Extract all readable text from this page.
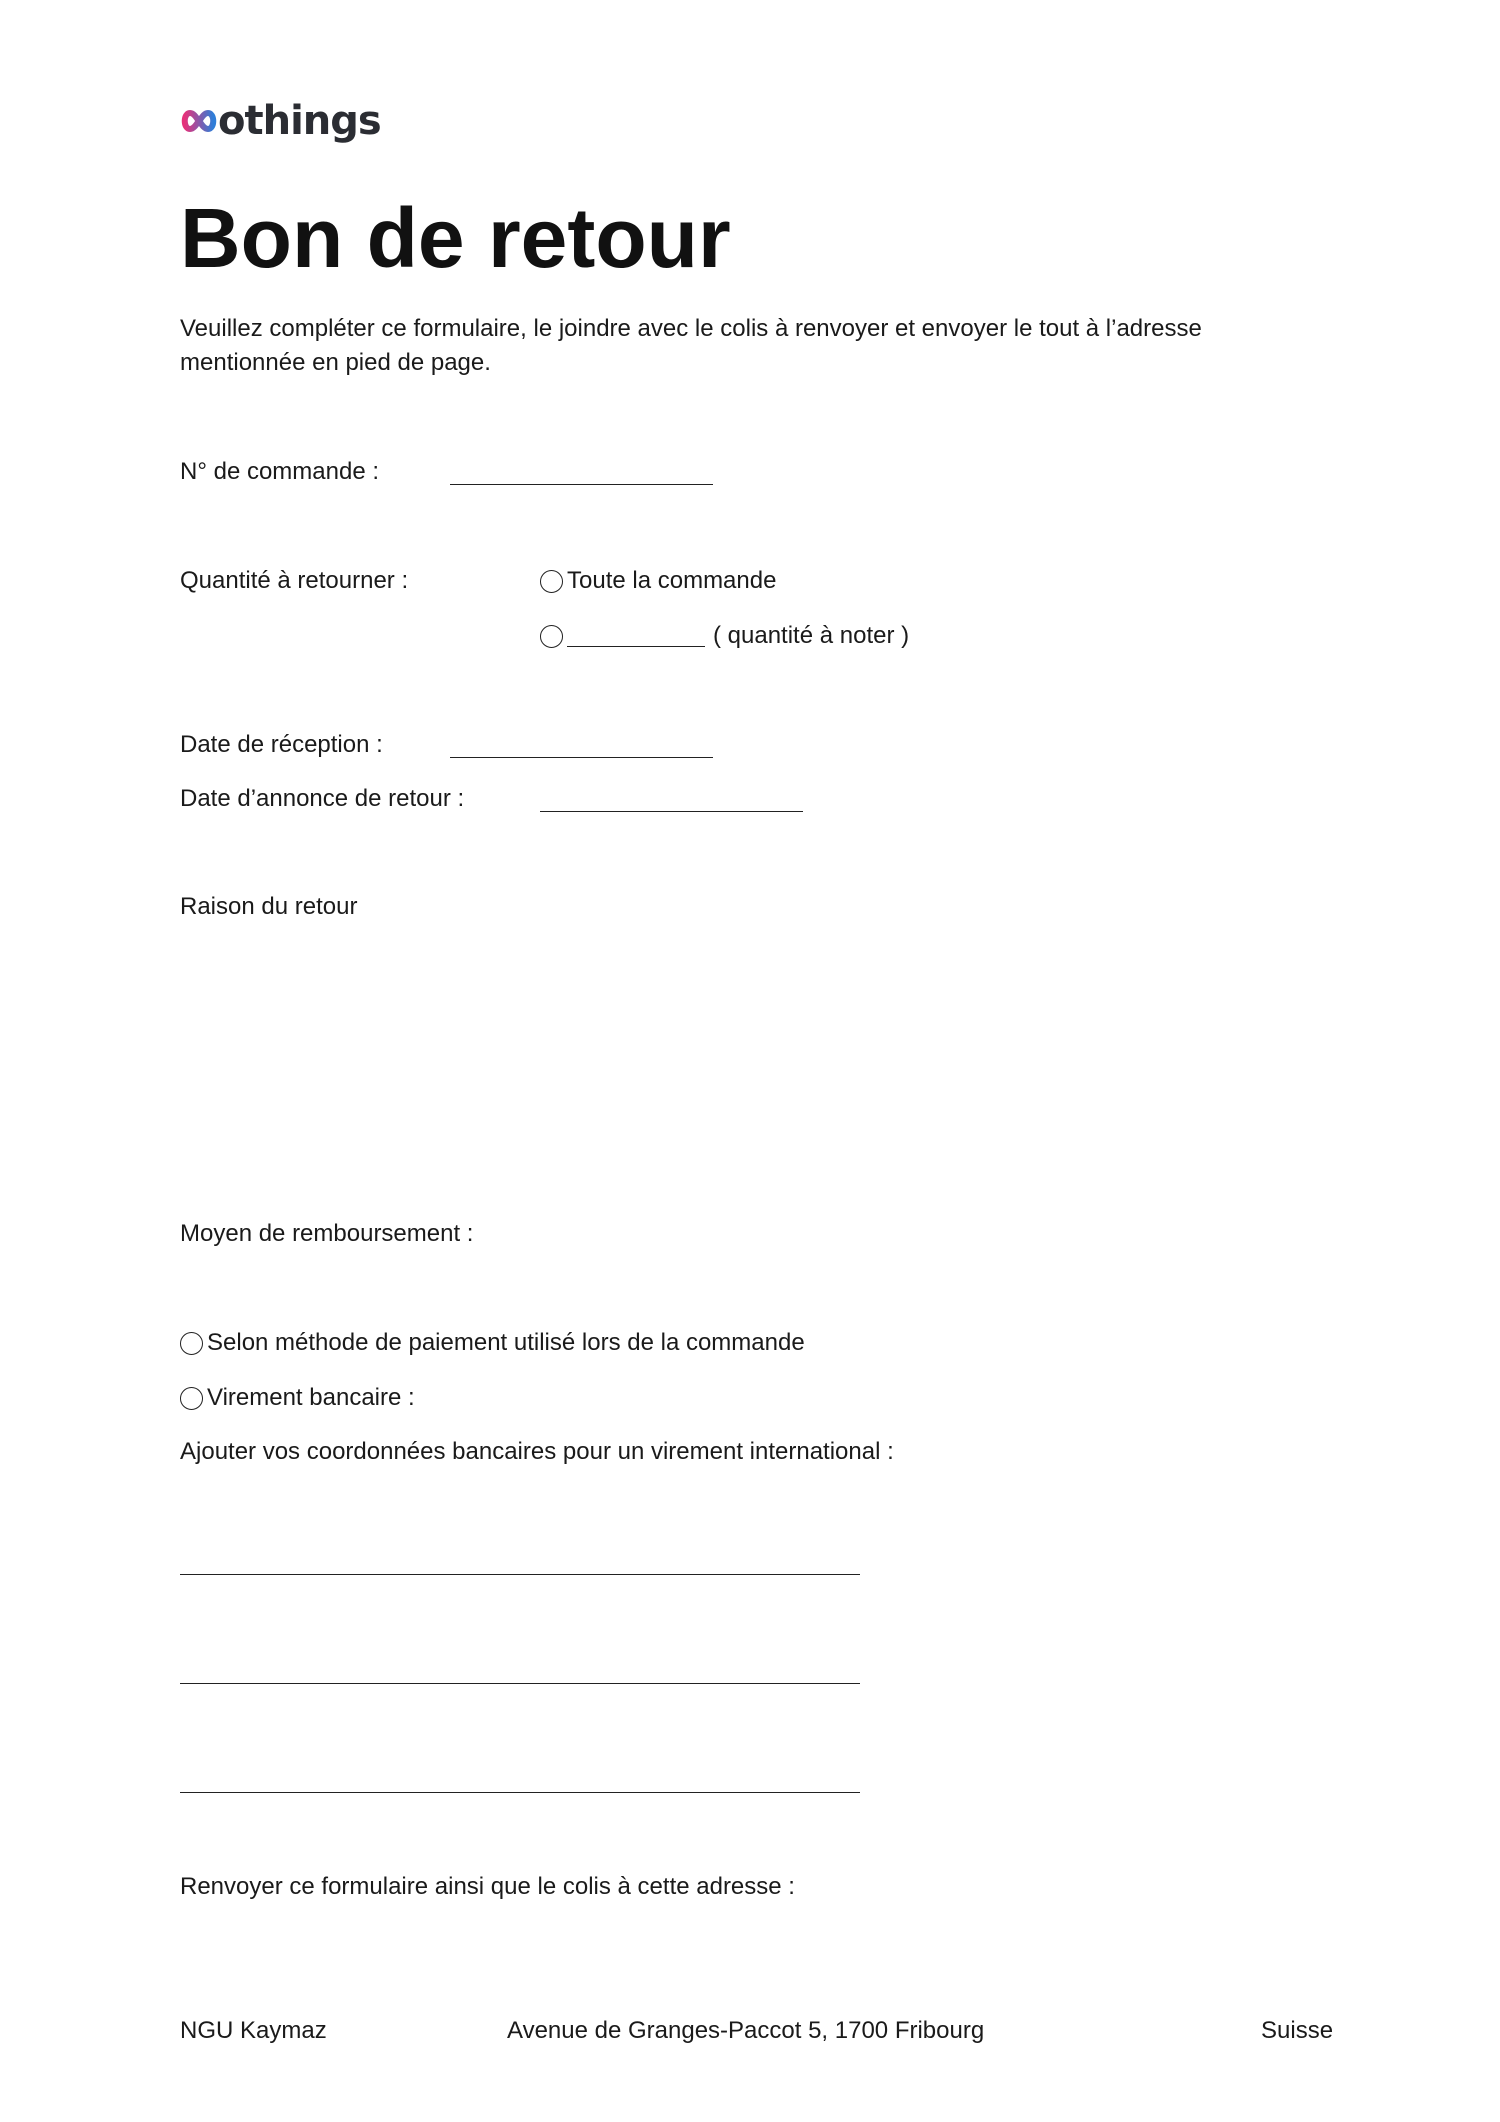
othings
Bon de retour
Veuillez compléter ce formulaire, le joindre avec le colis à renvoyer et envoyer le tout à l’adresse
mentionnée en pied de page.
N° de commande :
Quantité à retourner :	Toute la commande
( quantité à noter )
Date de réception :
Date d’annonce de retour :
Raison du retour
Moyen de remboursement :
Selon méthode de paiement utilisé lors de la commande
Virement bancaire :
Ajouter vos coordonnées bancaires pour un virement international :
Renvoyer ce formulaire ainsi que le colis à cette adresse :
NGU Kaymaz	Avenue de Granges-Paccot 5, 1700 Fribourg	Suisse
